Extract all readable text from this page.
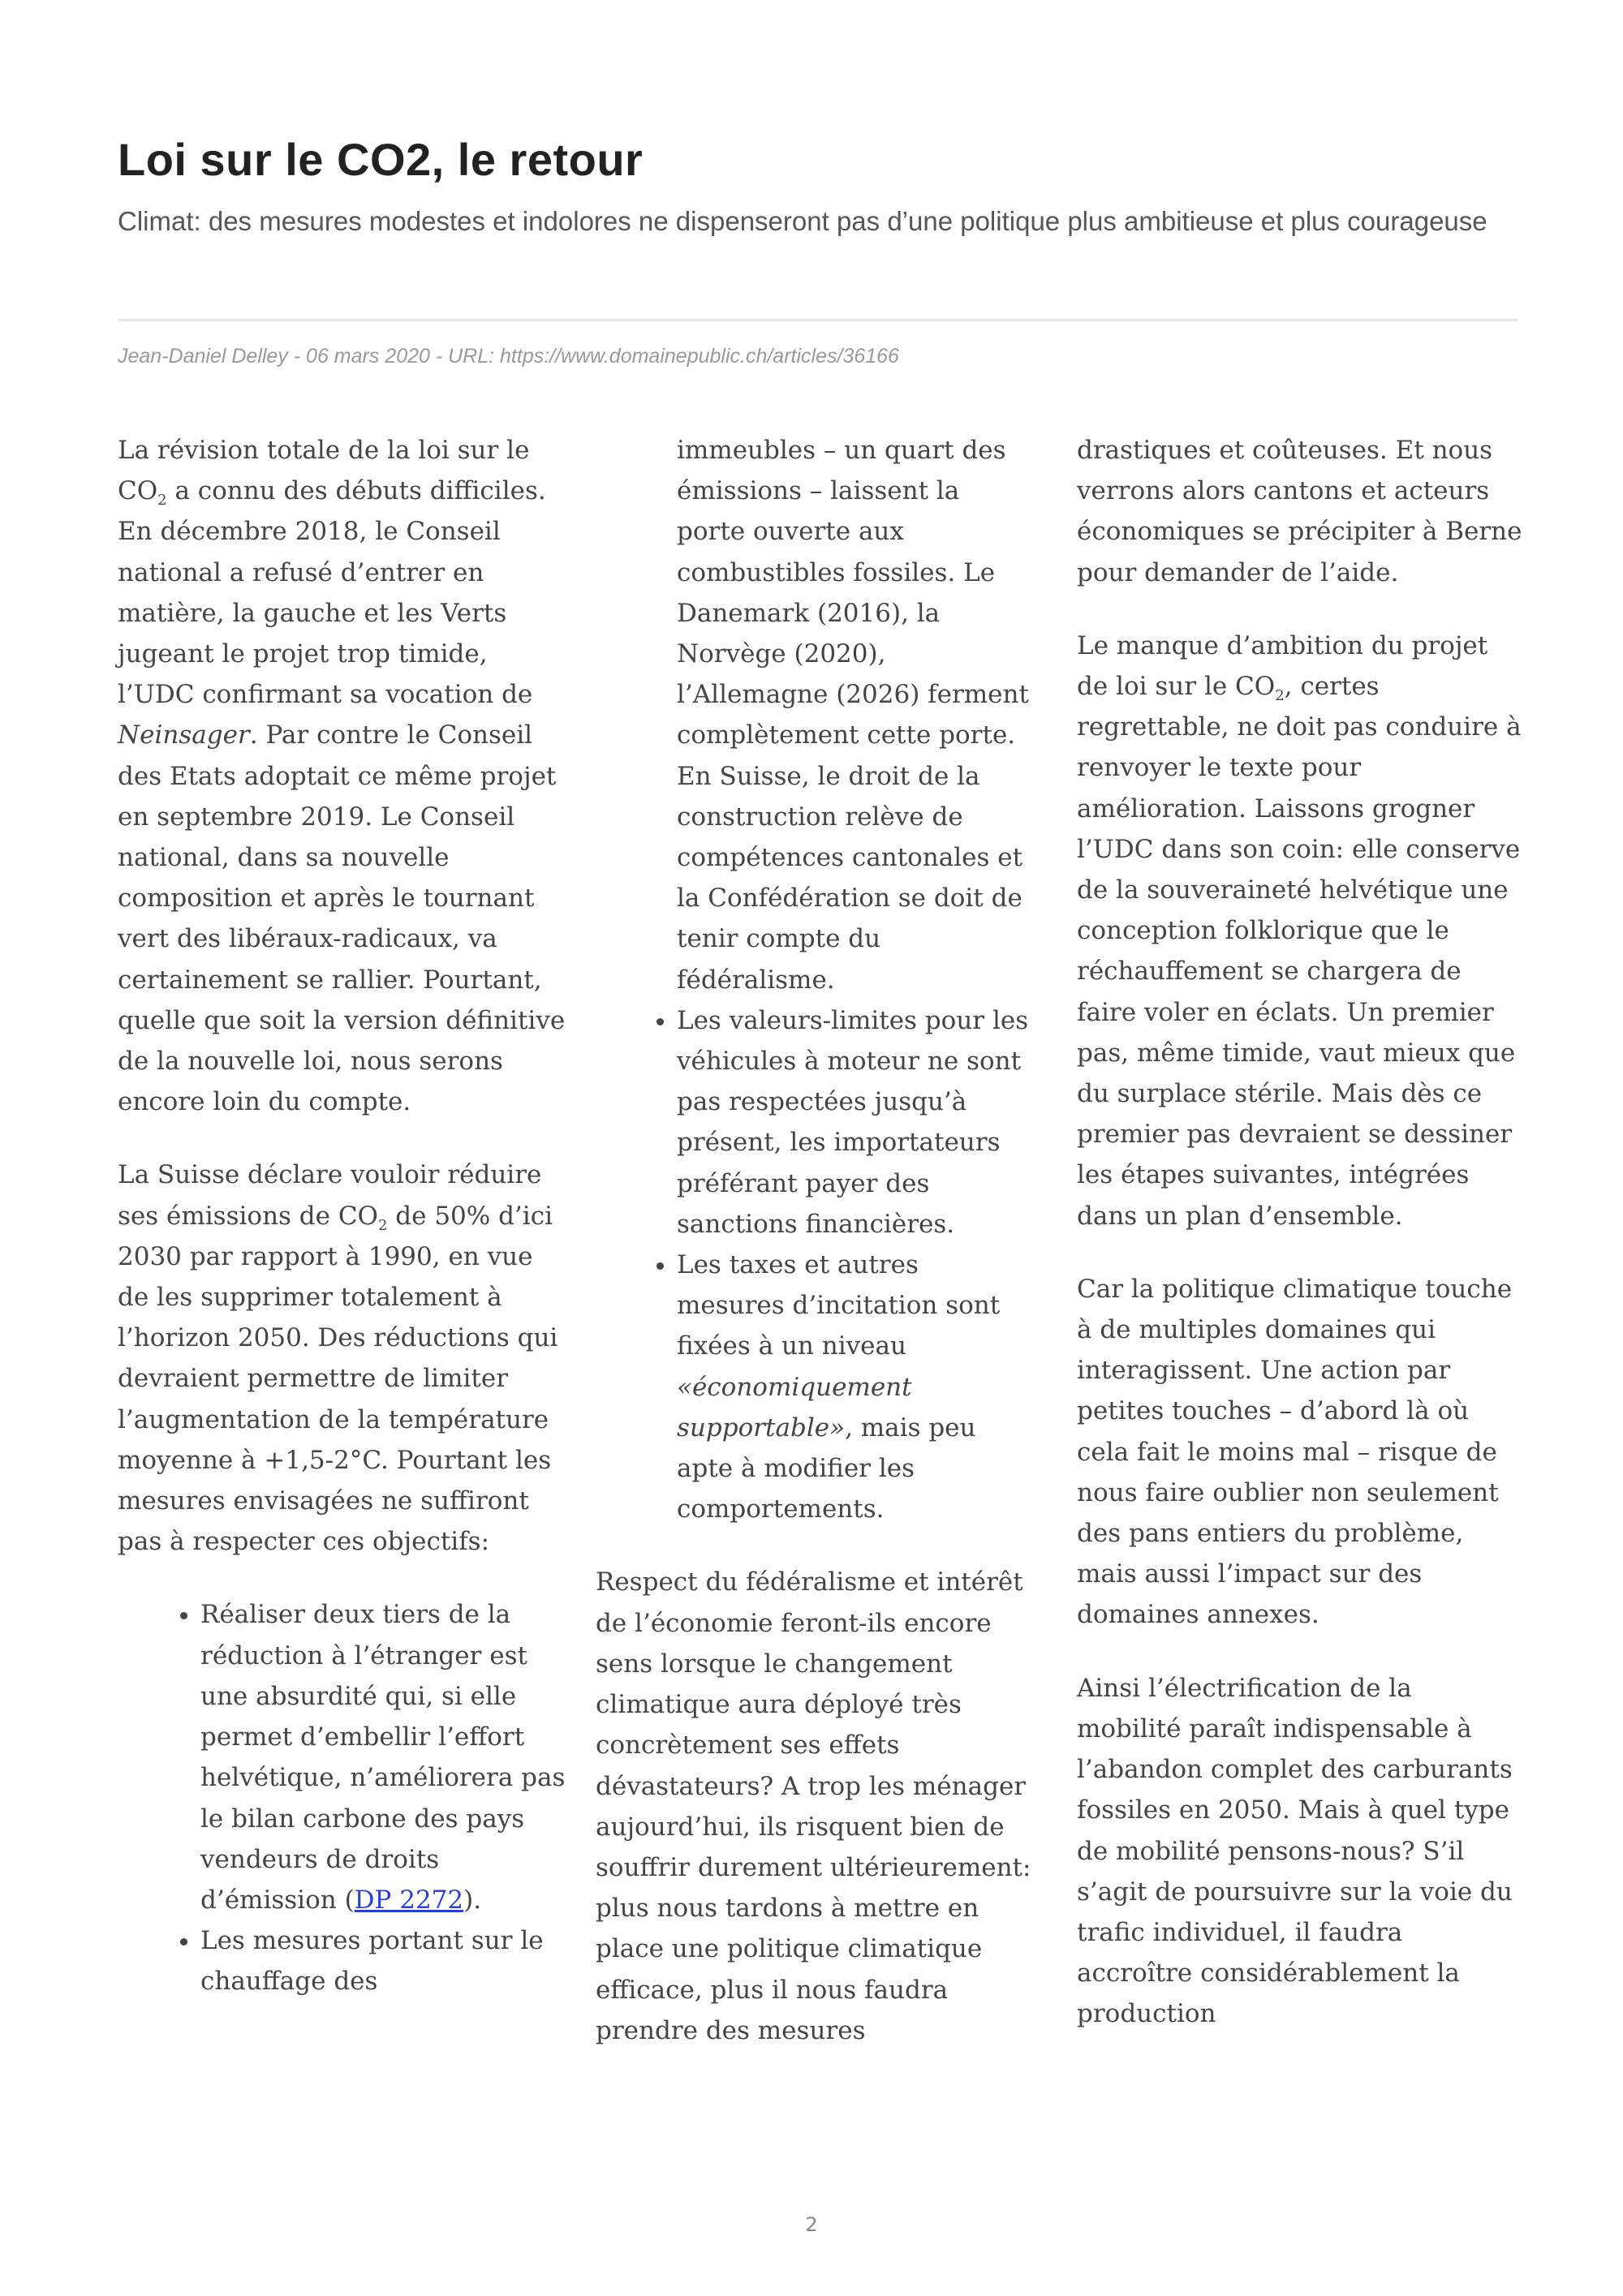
Loi sur le CO2, le retour

Climat: des mesures modestes et indolores ne dispenseront pas d’une politique plus ambitieuse et plus courageuse

Jean-Daniel Delley - 06 mars 2020 - URL: https://www.domainepublic.ch/articles/36166

La révision totale de la loi sur le $CO_2$ a connu des débuts difficiles. En décembre 2018, le Conseil national a refusé d’entrer en matière, la gauche et les Verts jugeant le projet trop timide, l’UDC confirmant sa vocation de Neinsager. Par contre le Conseil des Etats adoptait ce même projet en septembre 2019. Le Conseil national, dans sa nouvelle composition et après le tournant vert des libéraux-radicaux, va certainement se rallier. Pourtant, quelle que soit la version définitive de la nouvelle loi, nous serons encore loin du compte.

La Suisse déclare vouloir réduire ses émissions de $CO_2$ de 50% d’ici 2030 par rapport à 1990, en vue de les supprimer totalement à l’horizon 2050. Des réductions qui devraient permettre de limiter l’augmentation de la température moyenne à +1,5-2°C. Pourtant les mesures envisagées ne suffiront pas à respecter ces objectifs:

• Réaliser deux tiers de la réduction à l’étranger est une absurdité qui, si elle permet d’embellir l’effort helvétique, n’améliorera pas le bilan carbone des pays vendeurs de droits d’émission (DP 2272).
• Les mesures portant sur le chauffage des
immeubles – un quart des émissions – laissent la porte ouverte aux combustibles fossiles. Le Danemark (2016), la Norvège (2020), l’Allemagne (2026) ferment complètement cette porte. En Suisse, le droit de la construction relève de compétences cantonales et la Confédération se doit de tenir compte du fédéralisme.
• Les valeurs-limites pour les véhicules à moteur ne sont pas respectées jusqu’à présent, les importateurs préférant payer des sanctions financières.
• Les taxes et autres mesures d’incitation sont fixées à un niveau «économiquement supportable», mais peu apte à modifier les comportements.

Respect du fédéralisme et intérêt de l’économie feront-ils encore sens lorsque le changement climatique aura déployé très concrètement ses effets dévastateurs? A trop les ménager aujourd’hui, ils risquent bien de souffrir durement ultérieurement: plus nous tardons à mettre en place une politique climatique efficace, plus il nous faudra prendre des mesures

drastiques et coûteuses. Et nous verrons alors cantons et acteurs économiques se précipiter à Berne pour demander de l’aide.

Le manque d’ambition du projet de loi sur le $CO_2$, certes regrettable, ne doit pas conduire à renvoyer le texte pour amélioration. Laissons grogner l’UDC dans son coin: elle conserve de la souveraineté helvétique une conception folklorique que le réchauffement se chargera de faire voler en éclats. Un premier pas, même timide, vaut mieux que du surplace stérile. Mais dès ce premier pas devraient se dessiner les étapes suivantes, intégrées dans un plan d’ensemble.

Car la politique climatique touche à de multiples domaines qui interagissent. Une action par petites touches – d’abord là où cela fait le moins mal – risque de nous faire oublier non seulement des pans entiers du problème, mais aussi l’impact sur des domaines annexes.

Ainsi l’électrification de la mobilité paraît indispensable à l’abandon complet des carburants fossiles en 2050. Mais à quel type de mobilité pensons-nous? S’il s’agit de poursuivre sur la voie du trafic individuel, il faudra accroître considérablement la production

2
